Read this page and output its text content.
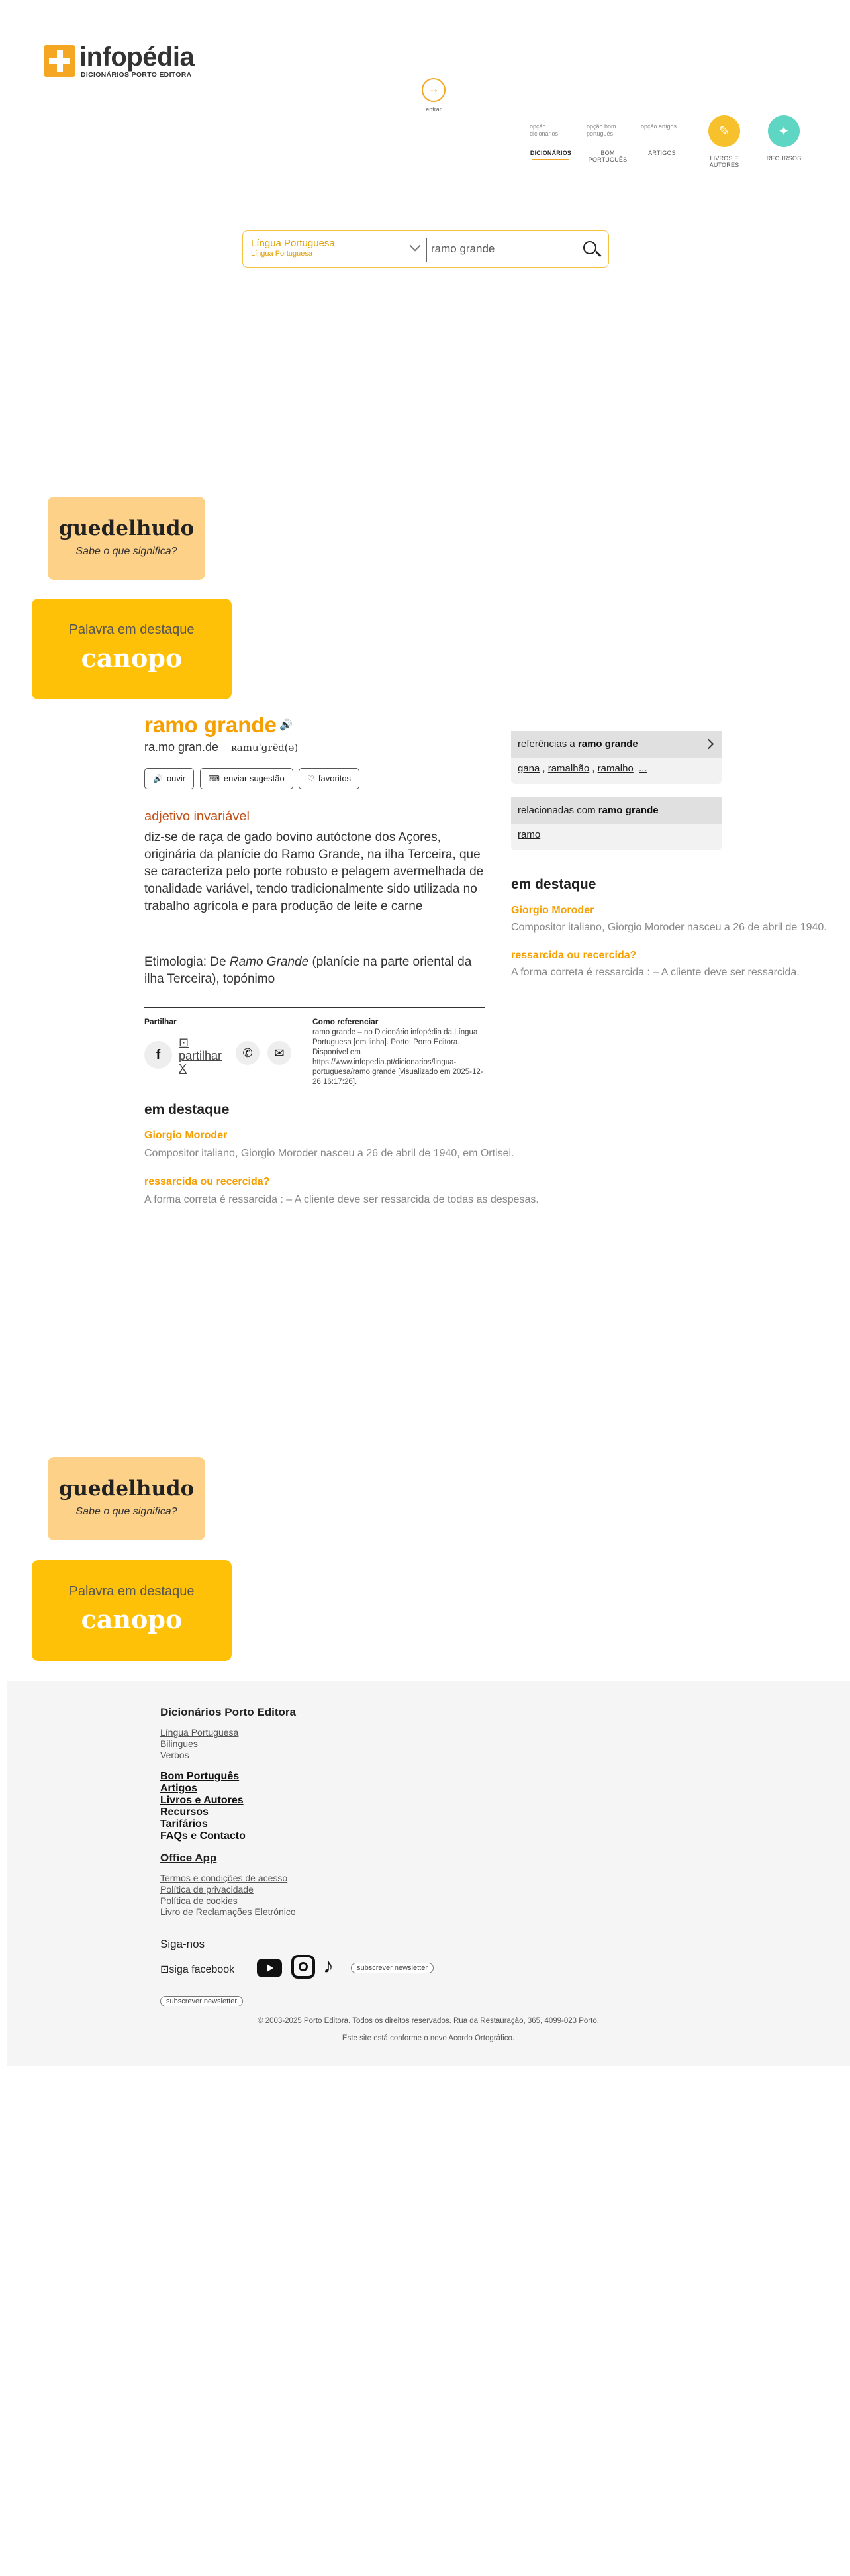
infopédia
DICIONÁRIOS PORTO EDITORA
→
entrar
opção dicionários
DICIONÁRIOS
opção bom português
BOM PORTUGUÊS
opção artigos
ARTIGOS
✎
LIVROS E AUTORES
✦
RECURSOS
Língua Portuguesa
Língua Portuguesa
ramo grande
guedelhudo
Sabe o que significa?
Palavra em destaque
canopo
ramo grande 🔊
ra.mo gran.de ʀamuˈgɾɐ̃d(ə)
🔊 ouvir	⌨ enviar sugestão	♡ favoritos
adjetivo invariável
diz-se de raça de gado bovino autóctone dos Açores, originária da planície do Ramo Grande, na ilha Terceira, que se caracteriza pelo porte robusto e pelagem avermelhada de tonalidade variável, tendo tradicionalmente sido utilizada no trabalho agrícola e para produção de leite e carne
Etimologia: De Ramo Grande (planície na parte oriental da ilha Terceira), topónimo
Partilhar
f
⊡
partilhar X
✆	✉
Como referenciar
ramo grande – no Dicionário infopédia da Língua Portuguesa [em linha]. Porto: Porto Editora. Disponível em https://www.infopedia.pt/dicionarios/lingua-portuguesa/ramo grande [visualizado em 2025-12-26 16:17:26].
em destaque
Giorgio Moroder
Compositor italiano, Giorgio Moroder nasceu a 26 de abril de 1940, em Ortisei.
ressarcida ou recercida?
A forma correta é ressarcida : – A cliente deve ser ressarcida de todas as despesas.
referências a ramo grande
gana , ramalhão , ramalho ...
relacionadas com ramo grande
ramo
em destaque
Giorgio Moroder
Compositor italiano, Giorgio Moroder nasceu a 26 de abril de 1940.
ressarcida ou recercida?
A forma correta é ressarcida : – A cliente deve ser ressarcida.
guedelhudo
Sabe o que significa?
Palavra em destaque
canopo
Dicionários Porto Editora
Língua Portuguesa
Bilingues
Verbos
Bom Português
Artigos
Livros e Autores
Recursos
Tarifários
FAQs e Contacto
Office App
Termos e condições de acesso
Política de privacidade
Política de cookies
Livro de Reclamações Eletrónico
Siga-nos
⊡siga facebook	♪	subscrever newsletter
subscrever newsletter
© 2003-2025 Porto Editora. Todos os direitos reservados. Rua da Restauração, 365, 4099-023 Porto.
Este site está conforme o novo Acordo Ortográfico.
